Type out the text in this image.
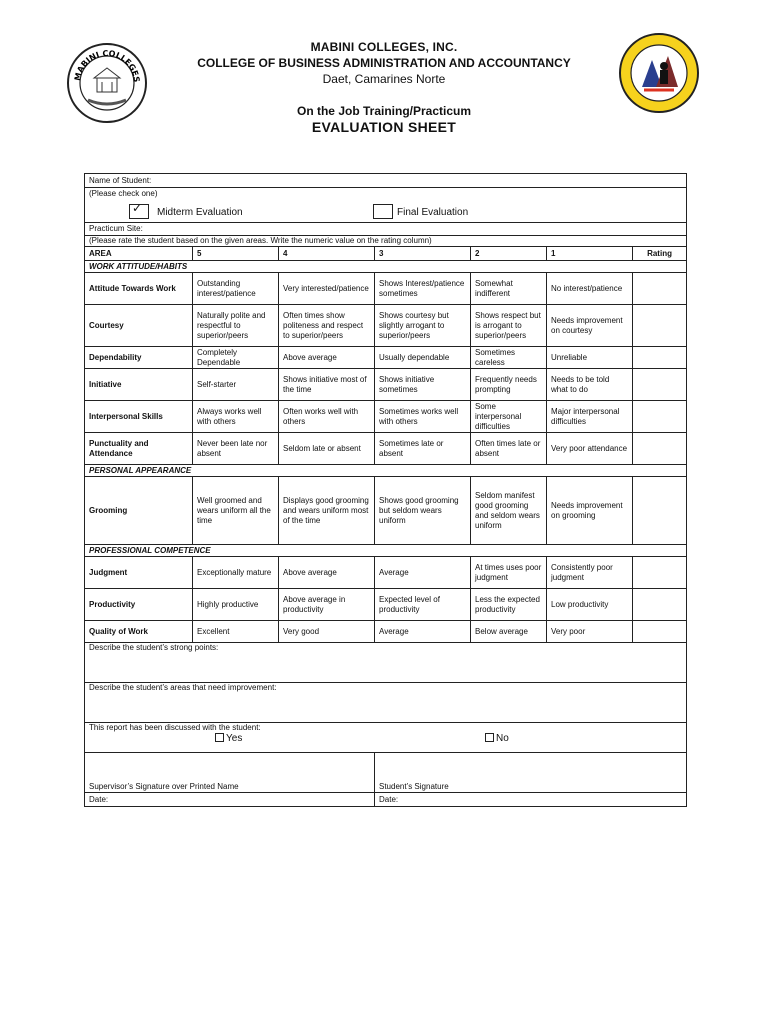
MABINI COLLEGES
MABINI COLLEGES, INC.
COLLEGE OF BUSINESS ADMINISTRATION AND ACCOUNTANCY
Daet, Camarines Norte
On the Job Training/Practicum
EVALUATION SHEET
Name of Student:						

(Please check one)
✓ Midterm Evaluation Final Evaluation						

Practicum Site:						
(Please rate the student based on the given areas. Write the numeric value on the rating column)						
AREA	5	4	3	2	1	Rating
WORK ATTITUDE/HABITS						
Attitude Towards Work	Outstanding interest/patience	Very interested/patience	Shows Interest/patience sometimes	Somewhat indifferent	No interest/patience	
Courtesy	Naturally polite and respectful to superior/peers	Often times show politeness and respect to superior/peers	Shows courtesy but slightly arrogant to superior/peers	Shows respect but is arrogant to superior/peers	Needs improvement on courtesy	
Dependability	Completely Dependable	Above average	Usually dependable	Sometimes careless	Unreliable	
Initiative	Self-starter	Shows initiative most of the time	Shows initiative sometimes	Frequently needs prompting	Needs to be told what to do	
Interpersonal Skills	Always works well with others	Often works well with others	Sometimes works well with others	Some interpersonal difficulties	Major interpersonal difficulties	
Punctuality and Attendance	Never been late nor absent	Seldom late or absent	Sometimes late or absent	Often times late or absent	Very poor attendance	
PERSONAL APPEARANCE						
Grooming	Well groomed and wears uniform all the time	Displays good grooming and wears uniform most of the time	Shows good grooming but seldom wears uniform	Seldom manifest good grooming and seldom wears uniform	Needs improvement on grooming	
PROFESSIONAL COMPETENCE						
Judgment	Exceptionally mature	Above average	Average	At times uses poor judgment	Consistently poor judgment	
Productivity	Highly productive	Above average in productivity	Expected level of productivity	Less the expected productivity	Low productivity	
Quality of Work	Excellent	Very good	Average	Below average	Very poor	
Describe the student’s strong points:						
Describe the student’s areas that need improvement:						

This report has been discussed with the student:
Yes No						

Supervisor’s Signature over Printed Name			Student’s Signature			
Date:			Date:			
